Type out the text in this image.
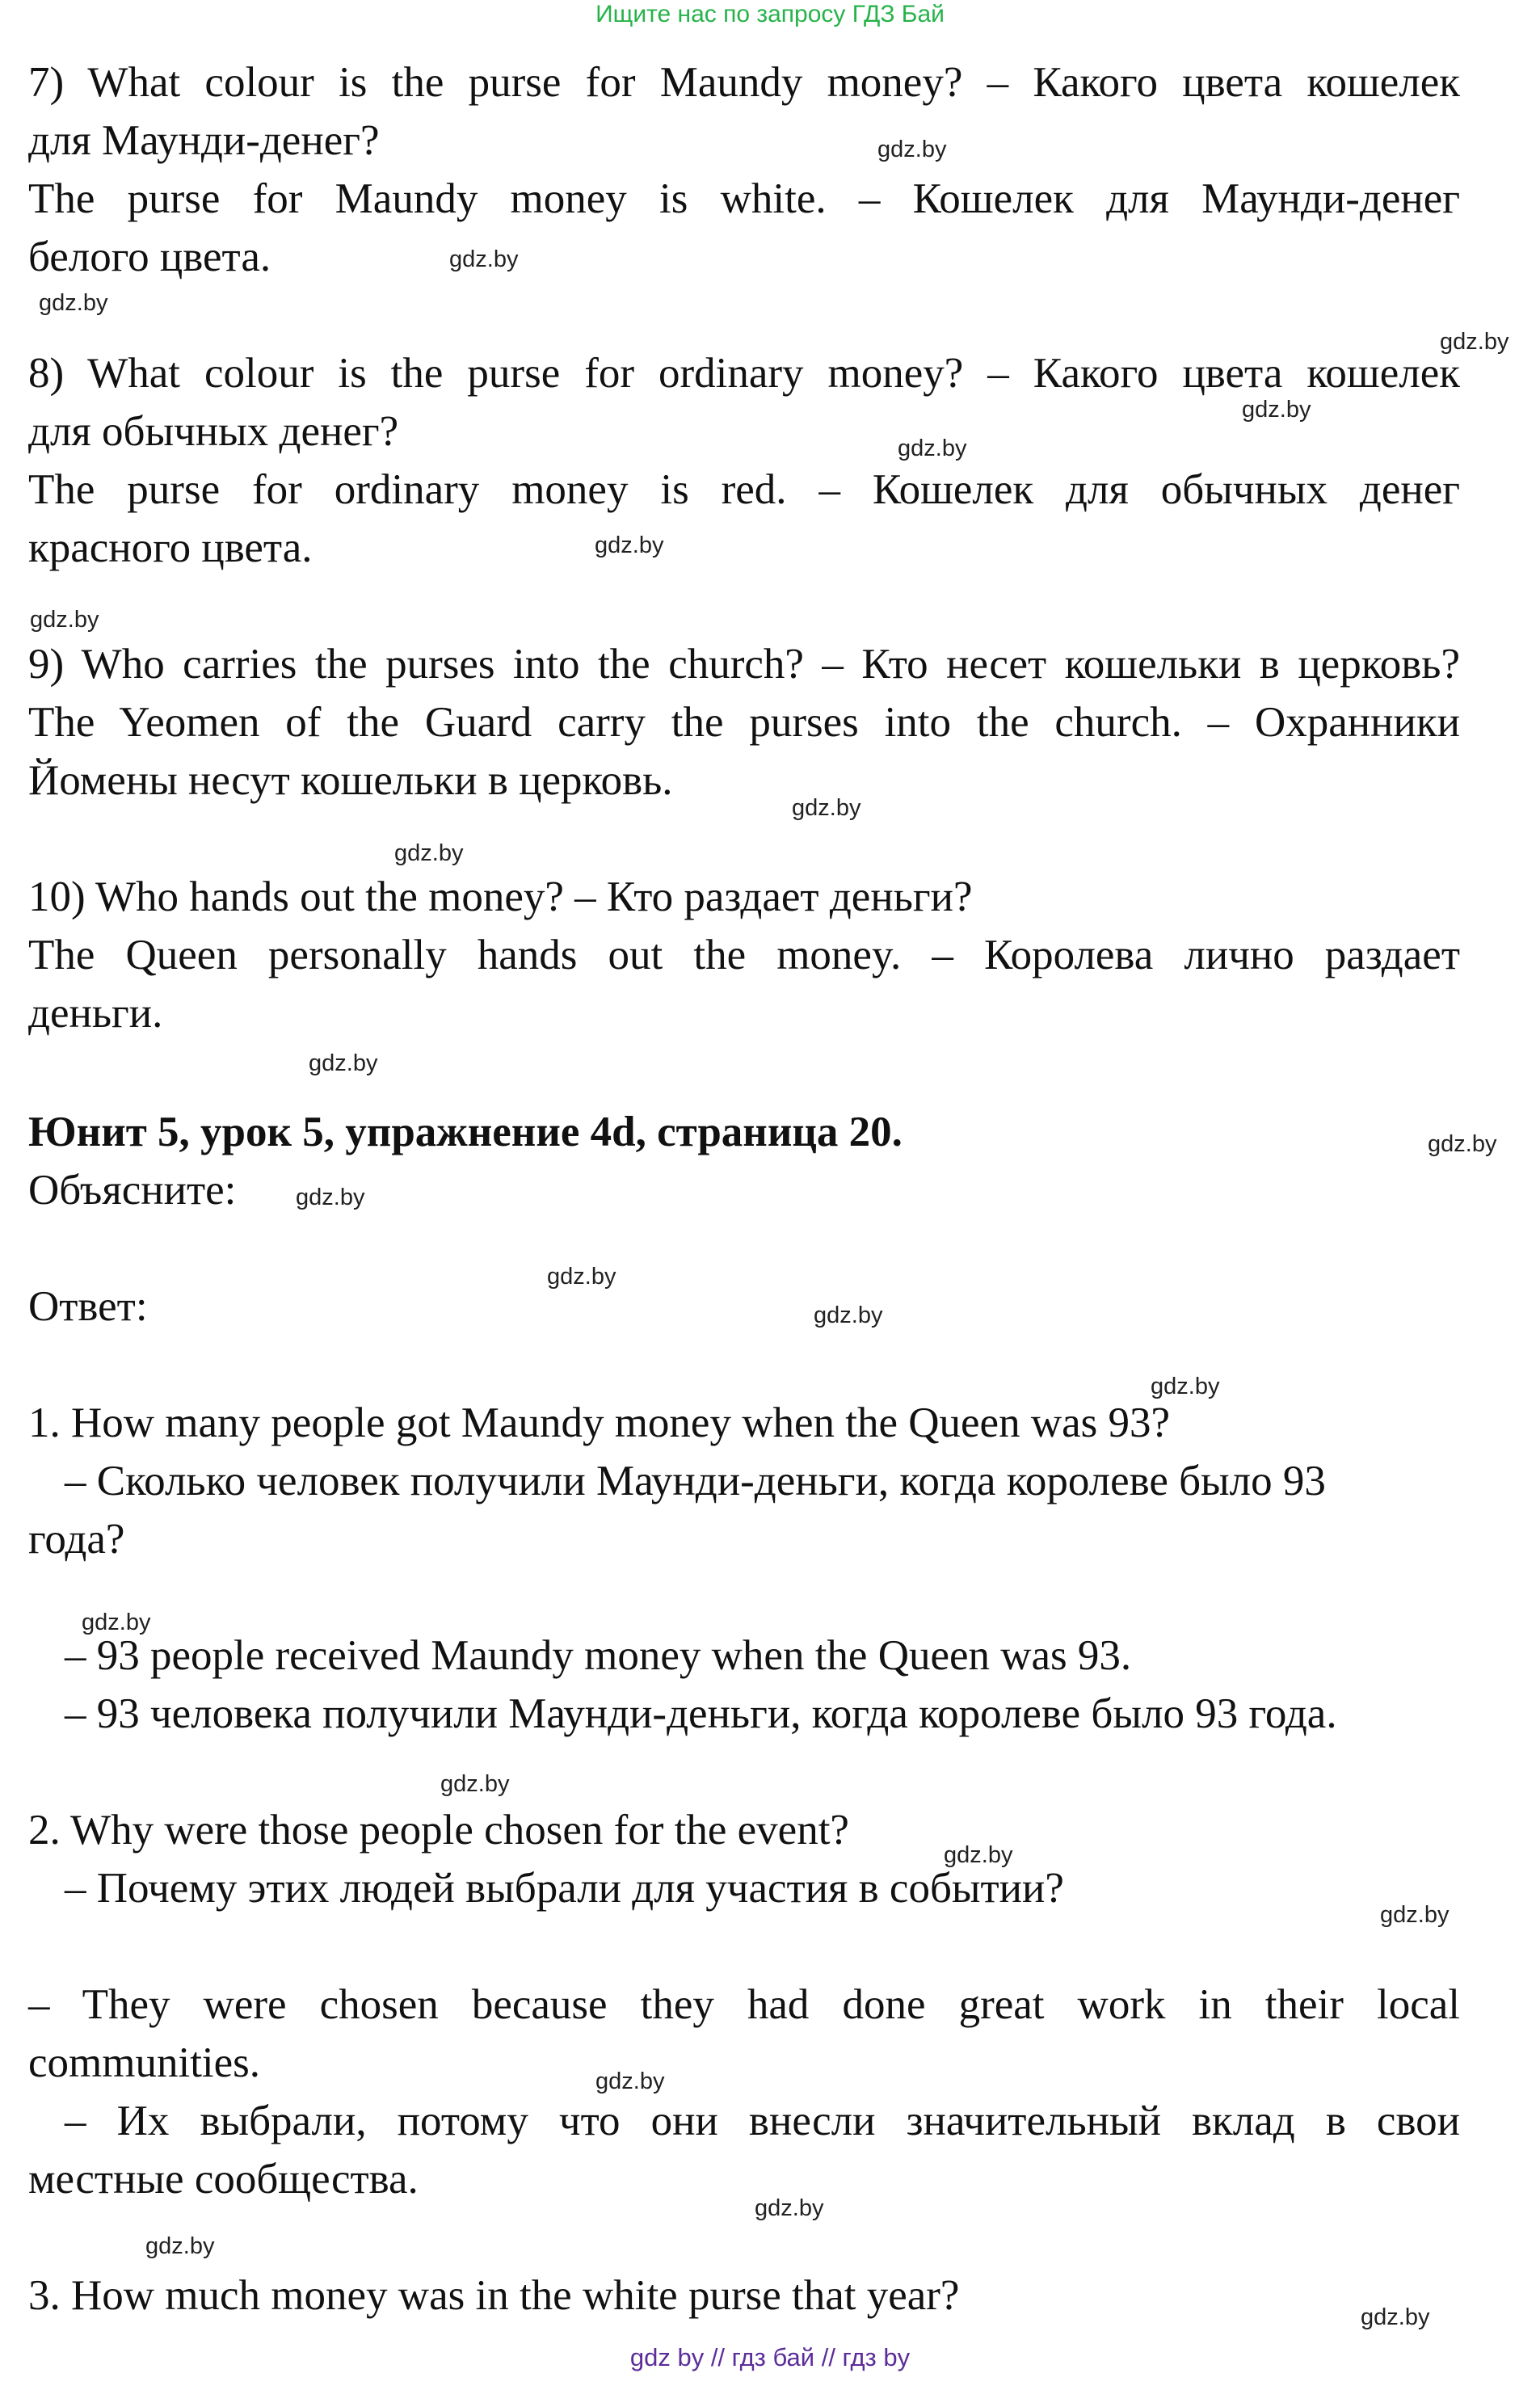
Ищите нас по запросу ГДЗ Бай
7) What colour is the purse for Maundy money? – Какого цвета кошелек
для Маунди-денег?
The purse for Maundy money is white. – Кошелек для Маунди-денег
белого цвета.
8) What colour is the purse for ordinary money? – Какого цвета кошелек
для обычных денег?
The purse for ordinary money is red. – Кошелек для обычных денег
красного цвета.
9) Who carries the purses into the church? – Кто несет кошельки в церковь?
The Yeomen of the Guard carry the purses into the church. – Охранники
Йомены несут кошельки в церковь.
10) Who hands out the money? – Кто раздает деньги?
The Queen personally hands out the money. – Королева лично раздает
деньги.
Юнит 5, урок 5, упражнение 4d, страница 20.
Объясните:
Ответ:
1. How many people got Maundy money when the Queen was 93?
– Сколько человек получили Маунди-деньги, когда королеве было 93
года?
– 93 people received Maundy money when the Queen was 93.
– 93 человека получили Маунди-деньги, когда королеве было 93 года.
2. Why were those people chosen for the event?
– Почему этих людей выбрали для участия в событии?
– They were chosen because they had done great work in their local
communities.
– Их выбрали, потому что они внесли значительный вклад в свои
местные сообщества.
3. How much money was in the white purse that year?
gdz.by
gdz.by
gdz.by
gdz.by
gdz.by
gdz.by
gdz.by
gdz.by
gdz.by
gdz.by
gdz.by
gdz.by
gdz.by
gdz.by
gdz.by
gdz.by
gdz.by
gdz.by
gdz.by
gdz.by
gdz.by
gdz.by
gdz.by
gdz.by
gdz by // гдз бай // гдз by
